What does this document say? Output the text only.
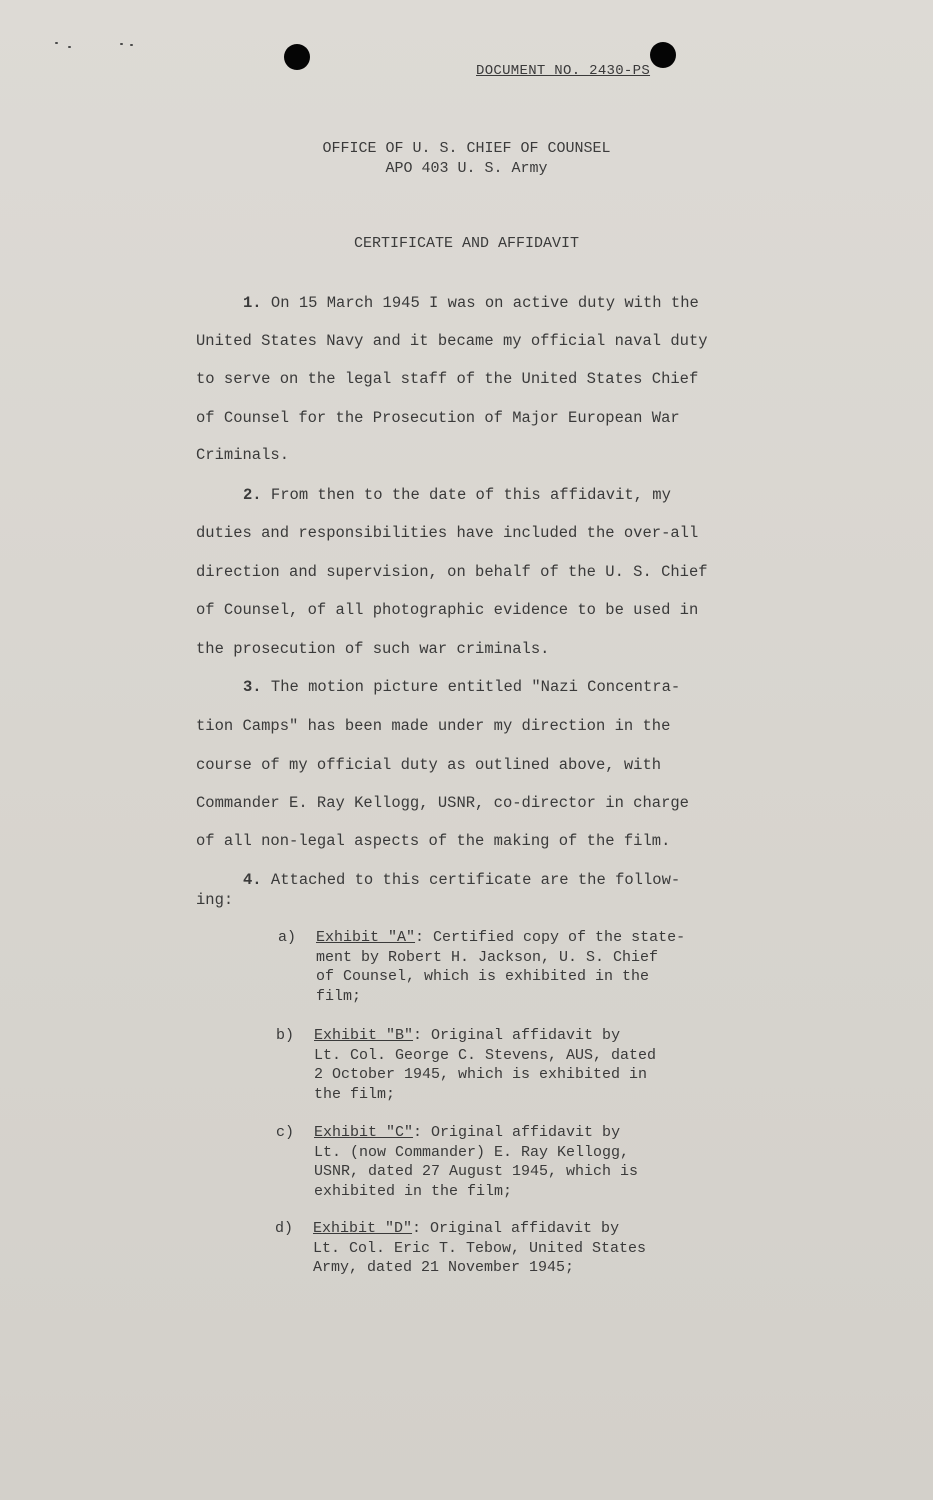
DOCUMENT NO. 2430-PS
OFFICE OF U. S. CHIEF OF COUNSEL
APO 403 U. S. Army
CERTIFICATE AND AFFIDAVIT
1. On 15 March 1945 I was on active duty with the
United States Navy and it became my official naval duty
to serve on the legal staff of the United States Chief
of Counsel for the Prosecution of Major European War
Criminals.
2. From then to the date of this affidavit, my
duties and responsibilities have included the over-all
direction and supervision, on behalf of the U. S. Chief
of Counsel, of all photographic evidence to be used in
the prosecution of such war criminals.
3. The motion picture entitled "Nazi Concentra-
tion Camps" has been made under my direction in the
course of my official duty as outlined above, with
Commander E. Ray Kellogg, USNR, co-director in charge
of all non-legal aspects of the making of the film.
4. Attached to this certificate are the follow-
ing:
a) Exhibit "A": Certified copy of the state-
ment by Robert H. Jackson, U. S. Chief
of Counsel, which is exhibited in the
film;
b) Exhibit "B": Original affidavit by
Lt. Col. George C. Stevens, AUS, dated
2 October 1945, which is exhibited in
the film;
c) Exhibit "C": Original affidavit by
Lt. (now Commander) E. Ray Kellogg,
USNR, dated 27 August 1945, which is
exhibited in the film;
d) Exhibit "D": Original affidavit by
Lt. Col. Eric T. Tebow, United States
Army, dated 21 November 1945;
